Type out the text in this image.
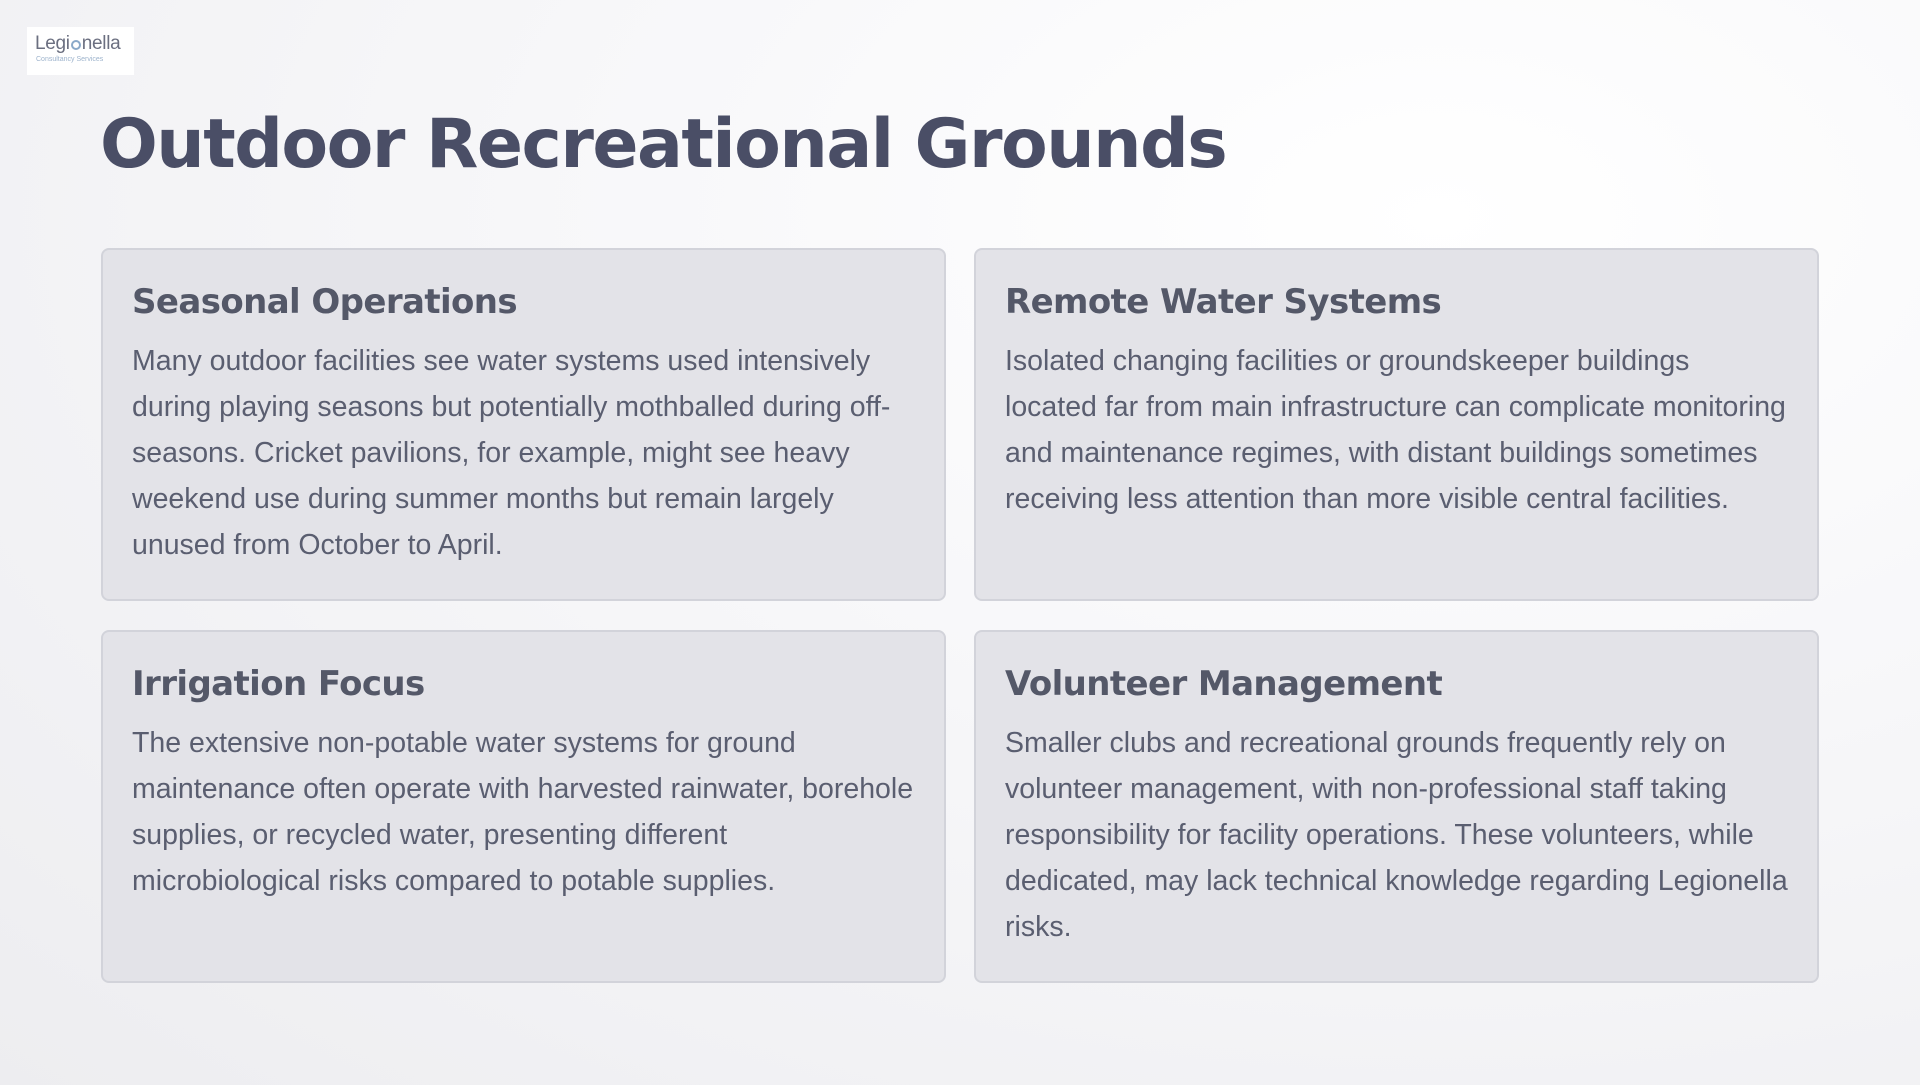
Legi nella
Consultancy Services
Outdoor Recreational Grounds
Seasonal Operations

Many outdoor facilities see water systems used intensively during playing seasons but potentially mothballed during off-seasons. Cricket pavilions, for example, might see heavy weekend use during summer months but remain largely unused from October to April.

Remote Water Systems

Isolated changing facilities or groundskeeper buildings located far from main infrastructure can complicate monitoring and maintenance regimes, with distant buildings sometimes receiving less attention than more visible central facilities.

Irrigation Focus

The extensive non-potable water systems for ground maintenance often operate with harvested rainwater, borehole supplies, or recycled water, presenting different microbiological risks compared to potable supplies.

Volunteer Management

Smaller clubs and recreational grounds frequently rely on volunteer management, with non-professional staff taking responsibility for facility operations. These volunteers, while dedicated, may lack technical knowledge regarding Legionella risks.
